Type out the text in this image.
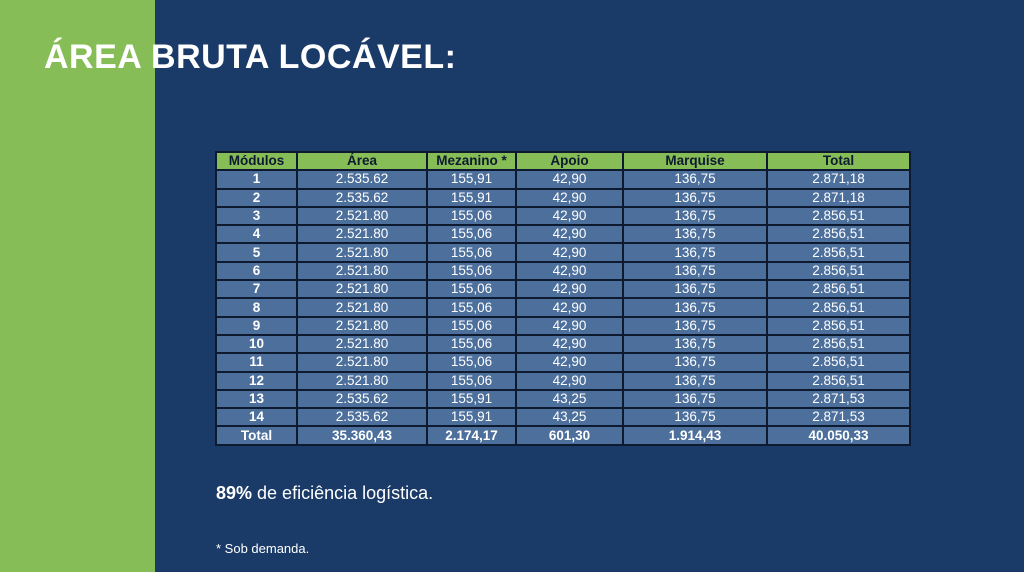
ÁREA BRUTA LOCÁVEL:
Módulos	Área	Mezanino *	Apoio	Marquise	Total
1	2.535.62	155,91	42,90	136,75	2.871,18
2	2.535.62	155,91	42,90	136,75	2.871,18
3	2.521.80	155,06	42,90	136,75	2.856,51
4	2.521.80	155,06	42,90	136,75	2.856,51
5	2.521.80	155,06	42,90	136,75	2.856,51
6	2.521.80	155,06	42,90	136,75	2.856,51
7	2.521.80	155,06	42,90	136,75	2.856,51
8	2.521.80	155,06	42,90	136,75	2.856,51
9	2.521.80	155,06	42,90	136,75	2.856,51
10	2.521.80	155,06	42,90	136,75	2.856,51
11	2.521.80	155,06	42,90	136,75	2.856,51
12	2.521.80	155,06	42,90	136,75	2.856,51
13	2.535.62	155,91	43,25	136,75	2.871,53
14	2.535.62	155,91	43,25	136,75	2.871,53
Total	35.360,43	2.174,17	601,30	1.914,43	40.050,33
89% de eficiência logística.
* Sob demanda.
